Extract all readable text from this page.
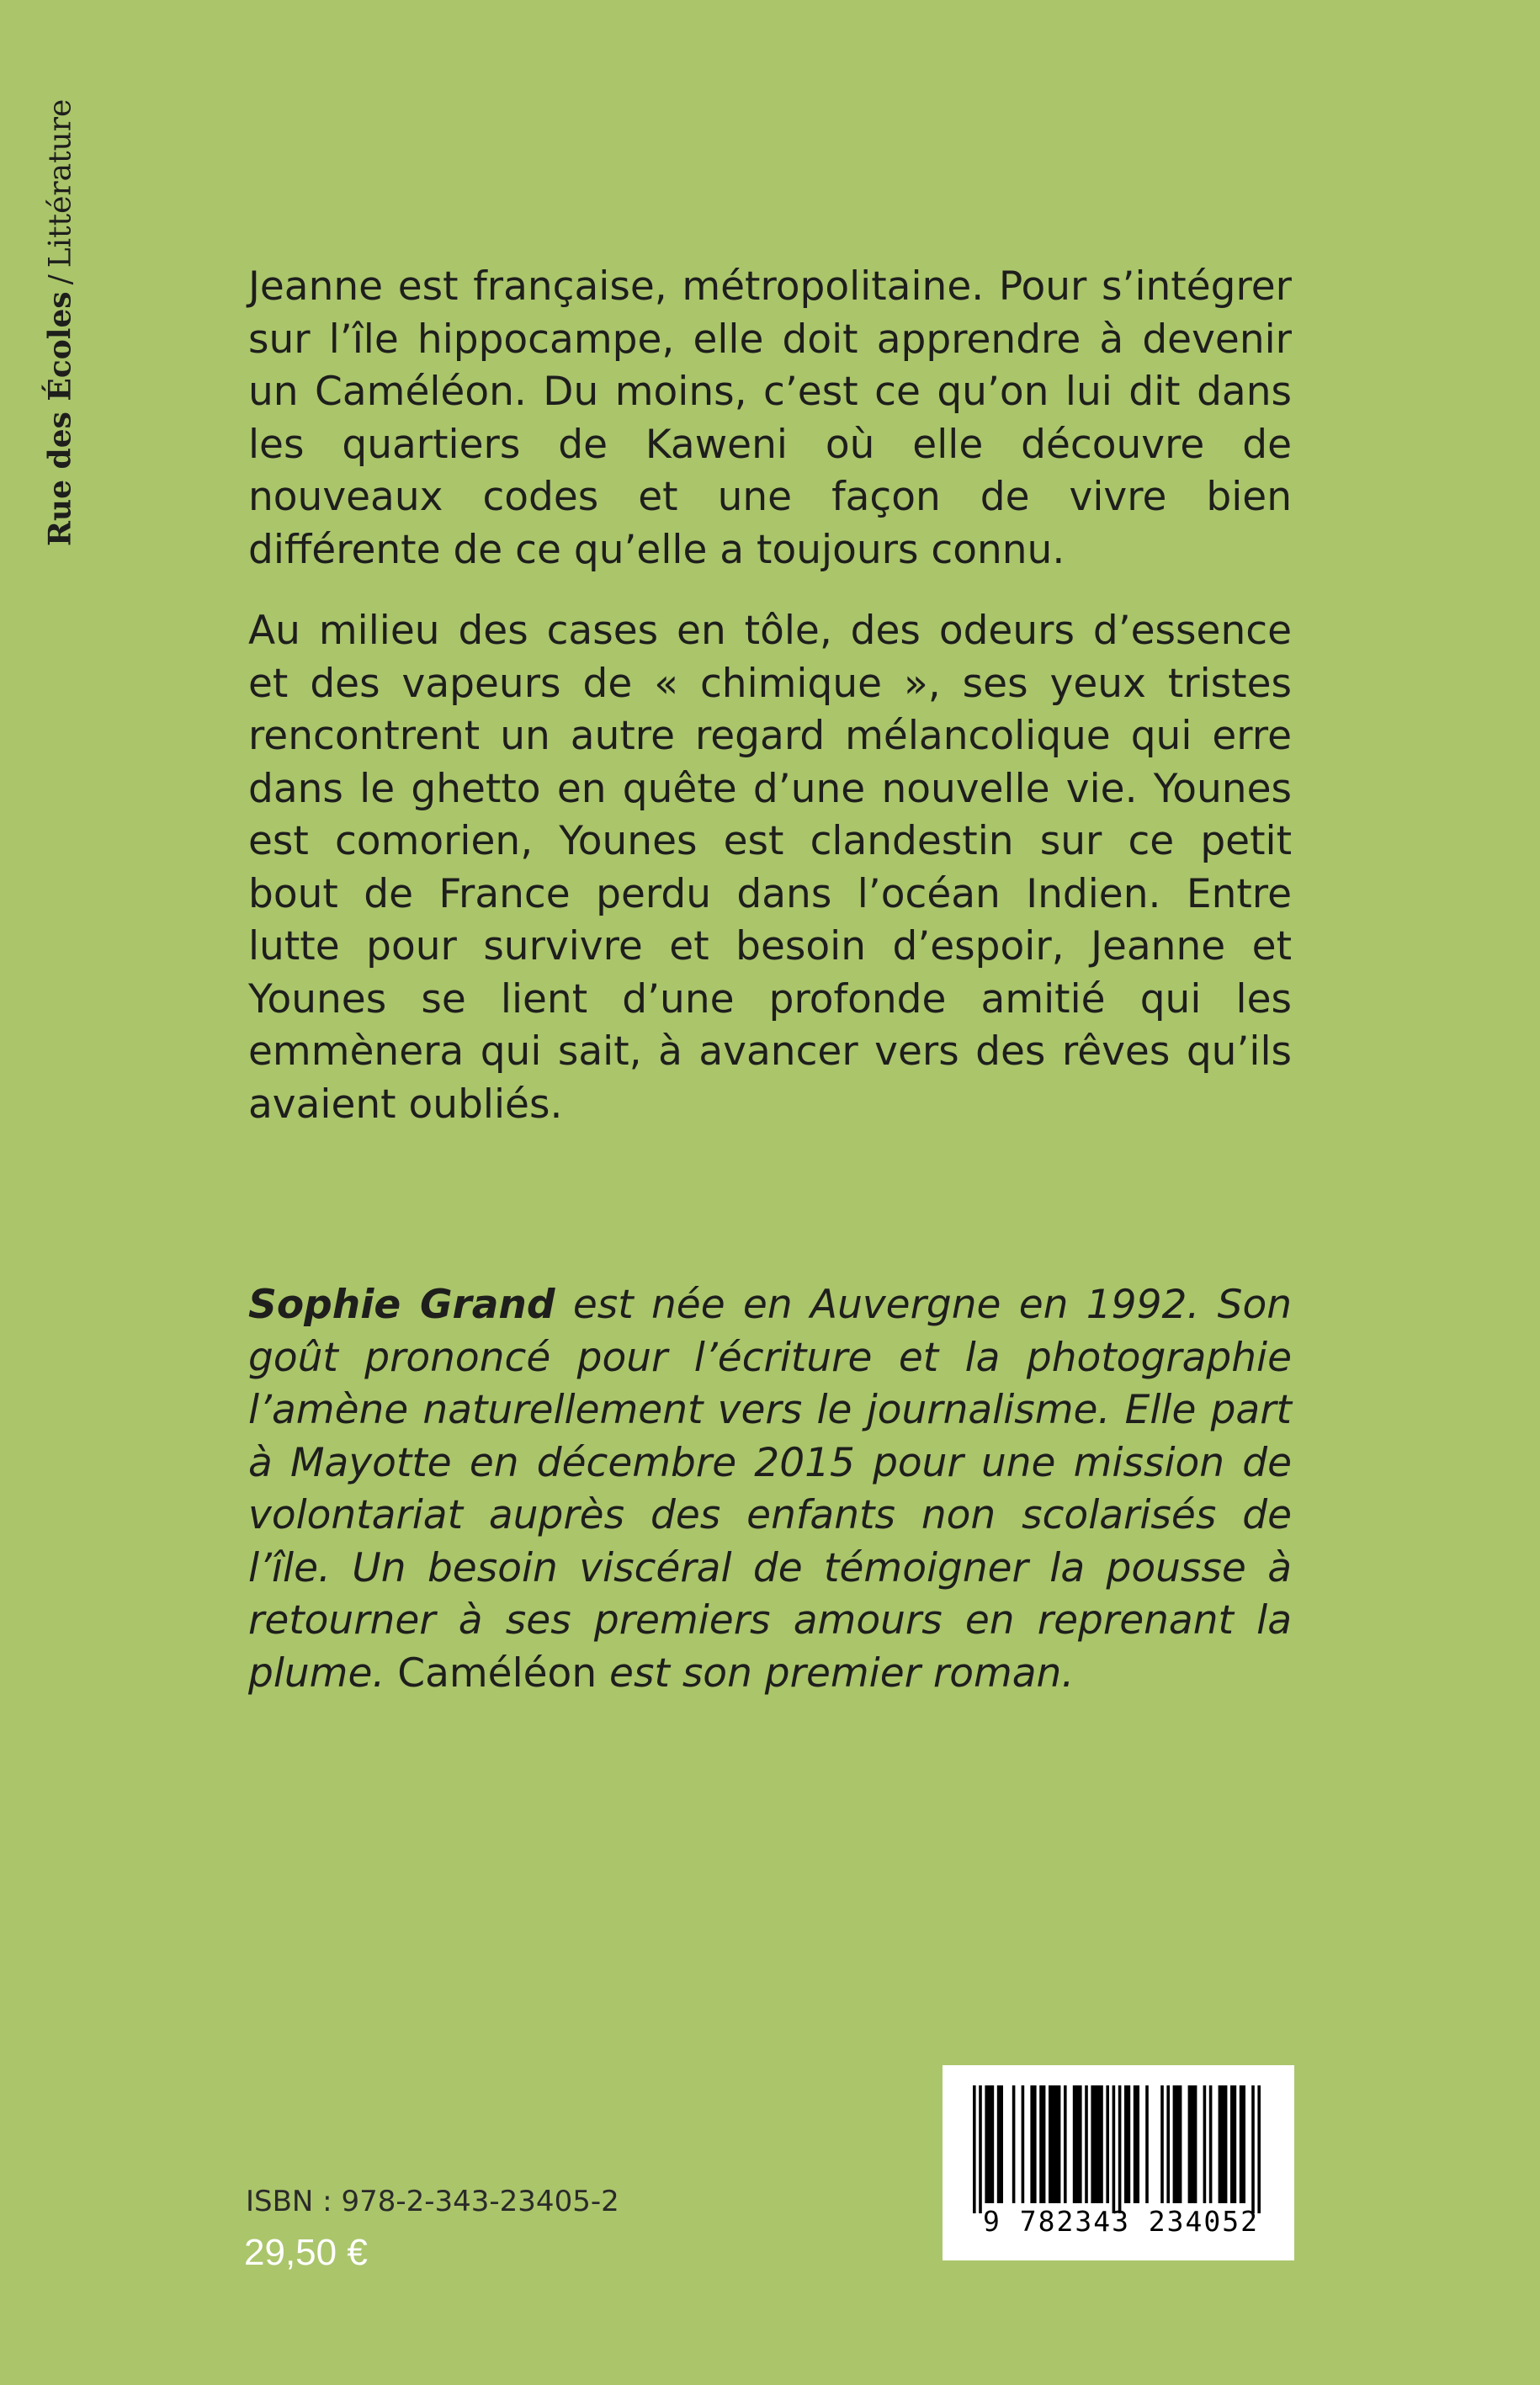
Rue des Écoles/Littérature

Jeanne est française, métropolitaine. Pour s’intégrer sur l’île hippocampe, elle doit apprendre à devenir un Caméléon. Du moins, c’est ce qu’on lui dit dans les quartiers de Kaweni où elle découvre de nouveaux codes et une façon de vivre bien différente de ce qu’elle a toujours connu.

Au milieu des cases en tôle, des odeurs d’essence et des vapeurs de « chimique », ses yeux tristes rencontrent un autre regard mélancolique qui erre dans le ghetto en quête d’une nouvelle vie. Younes est comorien, Younes est clandestin sur ce petit bout de France perdu dans l’océan Indien. Entre lutte pour survivre et besoin d’espoir, Jeanne et Younes se lient d’une profonde amitié qui les emmènera qui sait, à avancer vers des rêves qu’ils avaient oubliés.

Sophie Grand est née en Auvergne en 1992. Son goût prononcé pour l’écriture et la photographie l’amène naturellement vers le journalisme. Elle part à Mayotte en décembre 2015 pour une mission de volontariat auprès des enfants non scolarisés de l’île. Un besoin viscéral de témoigner la pousse à retourner à ses premiers amours en reprenant la plume. Caméléon est son premier roman.

ISBN : 978-2-343-23405-2
29,50 €
9 782343 234052
